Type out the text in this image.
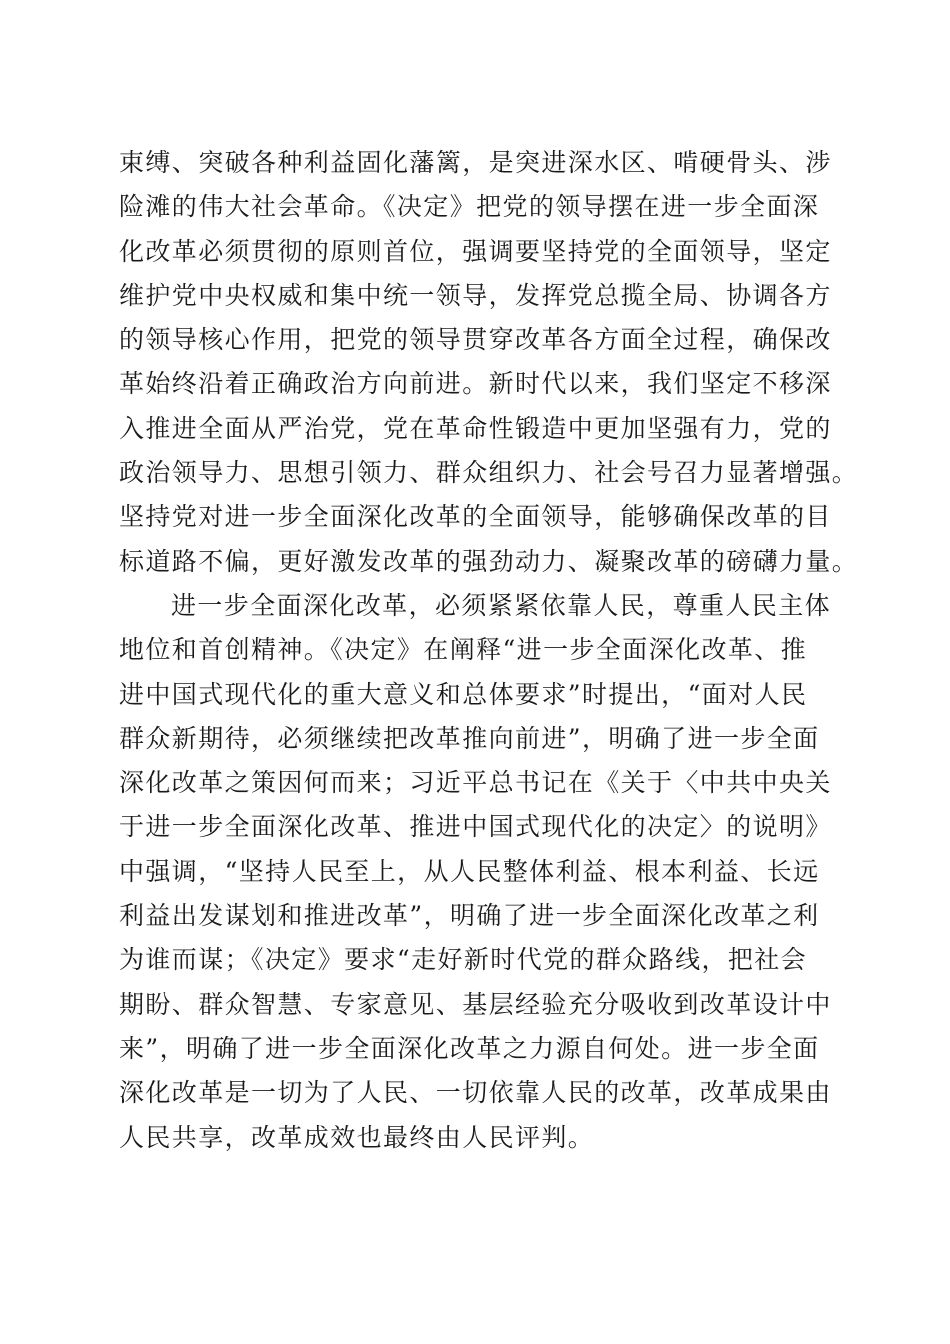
束缚、突破各种利益固化藩篱，是突进深水区、啃硬骨头、涉
险滩的伟大社会革命。《决定》把党的领导摆在进一步全面深
化改革必须贯彻的原则首位，强调要坚持党的全面领导，坚定
维护党中央权威和集中统一领导，发挥党总揽全局、协调各方
的领导核心作用，把党的领导贯穿改革各方面全过程，确保改
革始终沿着正确政治方向前进。新时代以来，我们坚定不移深
入推进全面从严治党，党在革命性锻造中更加坚强有力，党的
政治领导力、思想引领力、群众组织力、社会号召力显著增强。
坚持党对进一步全面深化改革的全面领导，能够确保改革的目
标道路不偏，更好激发改革的强劲动力、凝聚改革的磅礴力量。
进一步全面深化改革，必须紧紧依靠人民，尊重人民主体
地位和首创精神。《决定》在阐释“进一步全面深化改革、推
进中国式现代化的重大意义和总体要求”时提出，“面对人民
群众新期待，必须继续把改革推向前进”，明确了进一步全面
深化改革之策因何而来；习近平总书记在《关于〈中共中央关
于进一步全面深化改革、推进中国式现代化的决定〉的说明》
中强调，“坚持人民至上，从人民整体利益、根本利益、长远
利益出发谋划和推进改革”，明确了进一步全面深化改革之利
为谁而谋；《决定》要求“走好新时代党的群众路线，把社会
期盼、群众智慧、专家意见、基层经验充分吸收到改革设计中
来”，明确了进一步全面深化改革之力源自何处。进一步全面
深化改革是一切为了人民、一切依靠人民的改革，改革成果由
人民共享，改革成效也最终由人民评判。
